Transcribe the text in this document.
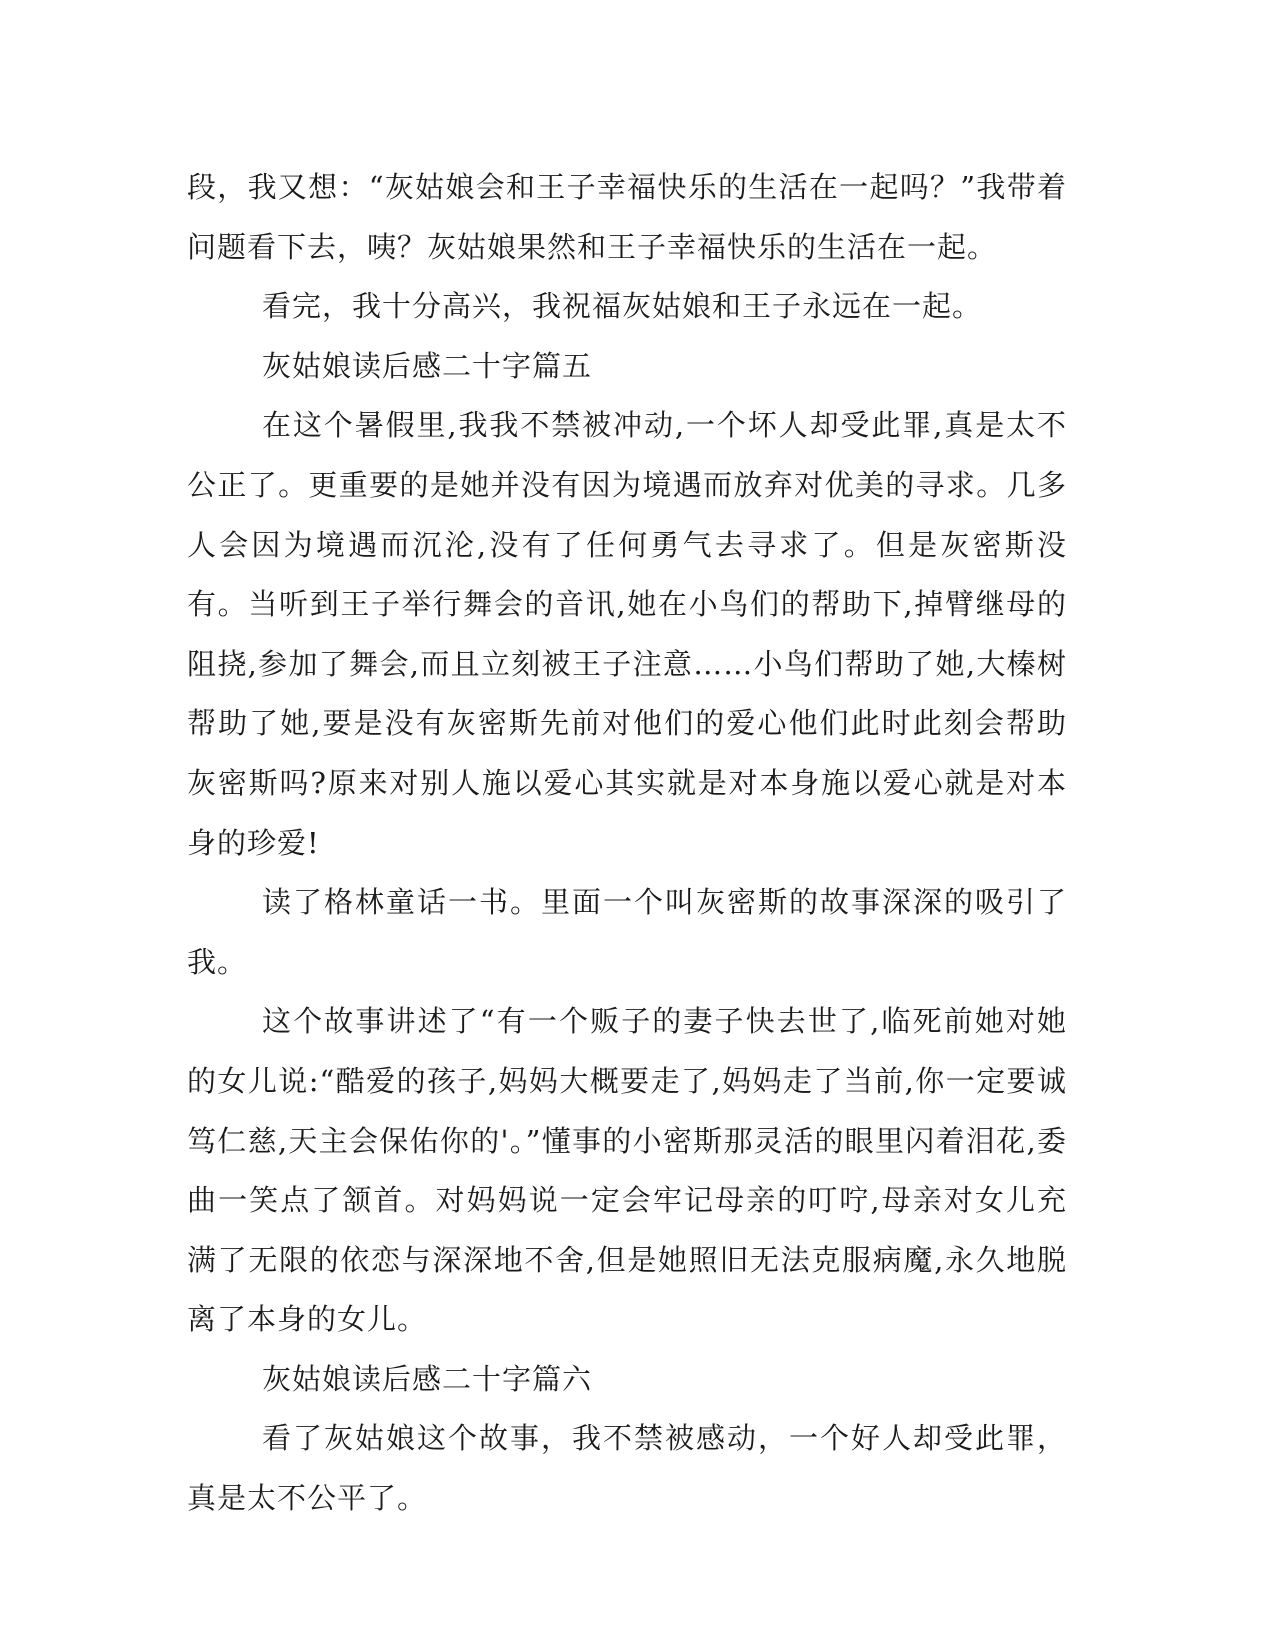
段，我又想：“灰姑娘会和王子幸福快乐的生活在一起吗？”我带着问题看下去，咦？灰姑娘果然和王子幸福快乐的生活在一起。

看完，我十分高兴，我祝福灰姑娘和王子永远在一起。

灰姑娘读后感二十字篇五

在这个暑假里,我我不禁被冲动,一个坏人却受此罪,真是太不公正了。更重要的是她并没有因为境遇而放弃对优美的寻求。几多人会因为境遇而沉沦,没有了任何勇气去寻求了。但是灰密斯没有。当听到王子举行舞会的音讯,她在小鸟们的帮助下,掉臂继母的阻挠,参加了舞会,而且立刻被王子注意……小鸟们帮助了她,大榛树帮助了她,要是没有灰密斯先前对他们的爱心他们此时此刻会帮助灰密斯吗?原来对别人施以爱心其实就是对本身施以爱心就是对本身的珍爱!

读了格林童话一书。里面一个叫灰密斯的故事深深的吸引了我。

这个故事讲述了“有一个贩子的妻子快去世了,临死前她对她的女儿说:“酷爱的孩子,妈妈大概要走了,妈妈走了当前,你一定要诚笃仁慈,天主会保佑你的'。”懂事的小密斯那灵活的眼里闪着泪花,委曲一笑点了颔首。对妈妈说一定会牢记母亲的叮咛,母亲对女儿充满了无限的依恋与深深地不舍,但是她照旧无法克服病魔,永久地脱离了本身的女儿。

灰姑娘读后感二十字篇六

看了灰姑娘这个故事，我不禁被感动，一个好人却受此罪，真是太不公平了。
